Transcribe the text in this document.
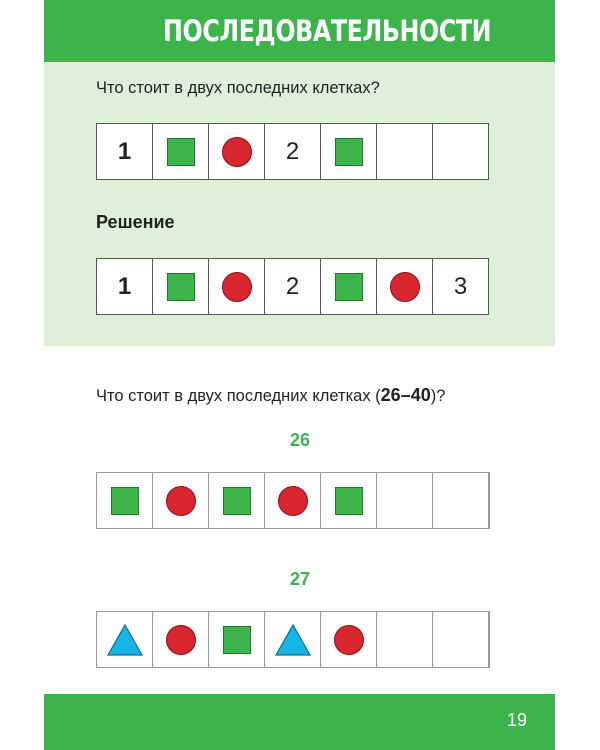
ПОСЛЕДОВАТЕЛЬНОСТИ
Что стоит в двух последних клетках?
1	2
Решение
1	2	3
Что стоит в двух последних клетках (26–40)?
26
27
19
